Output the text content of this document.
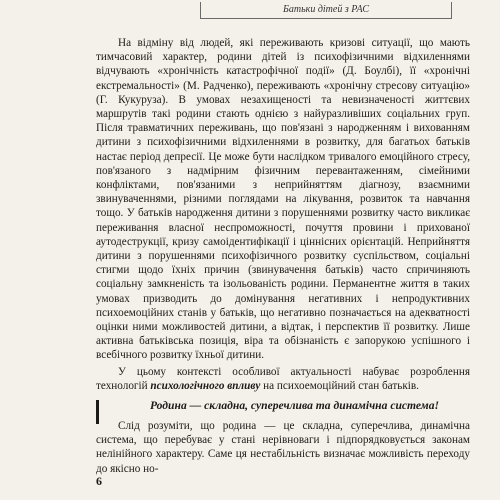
Батьки дітей з РАС

На відміну від людей, які переживають кризові ситуації, що мають тимчасовий характер, родини дітей із психофізичними відхиленнями відчувають «хронічність катастрофічної події» (Д. Боулбі), її «хронічні екстремальності» (М. Радченко), переживають «хронічну стресову ситуацію» (Г. Кукуруза). В умовах незахищеності та невизначеності життєвих маршрутів такі родини стають однією з найуразливіших соціальних груп. Після травматичних переживань, що пов'язані з народженням і вихованням дитини з психофізичними відхиленнями в розвитку, для багатьох батьків настає період депресії. Це може бути наслідком тривалого емоційного стресу, пов'язаного з надмірним фізичним перевантаженням, сімейними конфліктами, пов'язаними з неприйняттям діагнозу, взаємними звинуваченнями, різними поглядами на лікування, розвиток та навчання тощо. У батьків народження дитини з порушеннями розвитку часто викликає переживання власної неспроможності, почуття провини і прихованої аутодеструкції, кризу самоідентифікації і ціннісних орієнтацій. Неприйняття дитини з порушеннями психофізичного розвитку суспільством, соціальні стигми щодо їхніх причин (звинувачення батьків) часто спричиняють соціальну замкненість та ізольованість родини. Перманентне життя в таких умовах призводить до домінування негативних і непродуктивних психоемоційних станів у батьків, що негативно позначається на адекватності оцінки ними можливостей дитини, а відтак, і перспектив її розвитку. Лише активна батьківська позиція, віра та обізнаність є запорукою успішного і всебічного розвитку їхньої дитини.

У цьому контексті особливої актуальності набуває розроблення технологій психологічного впливу на психоемоційний стан батьків.

Родина — складна, суперечлива та динамічна система!

Слід розуміти, що родина — це складна, суперечлива, динамічна система, що перебуває у стані нерівноваги і підпорядковується законам нелінійного характеру. Саме ця нестабільність визначає можливість переходу до якісно но-

6
